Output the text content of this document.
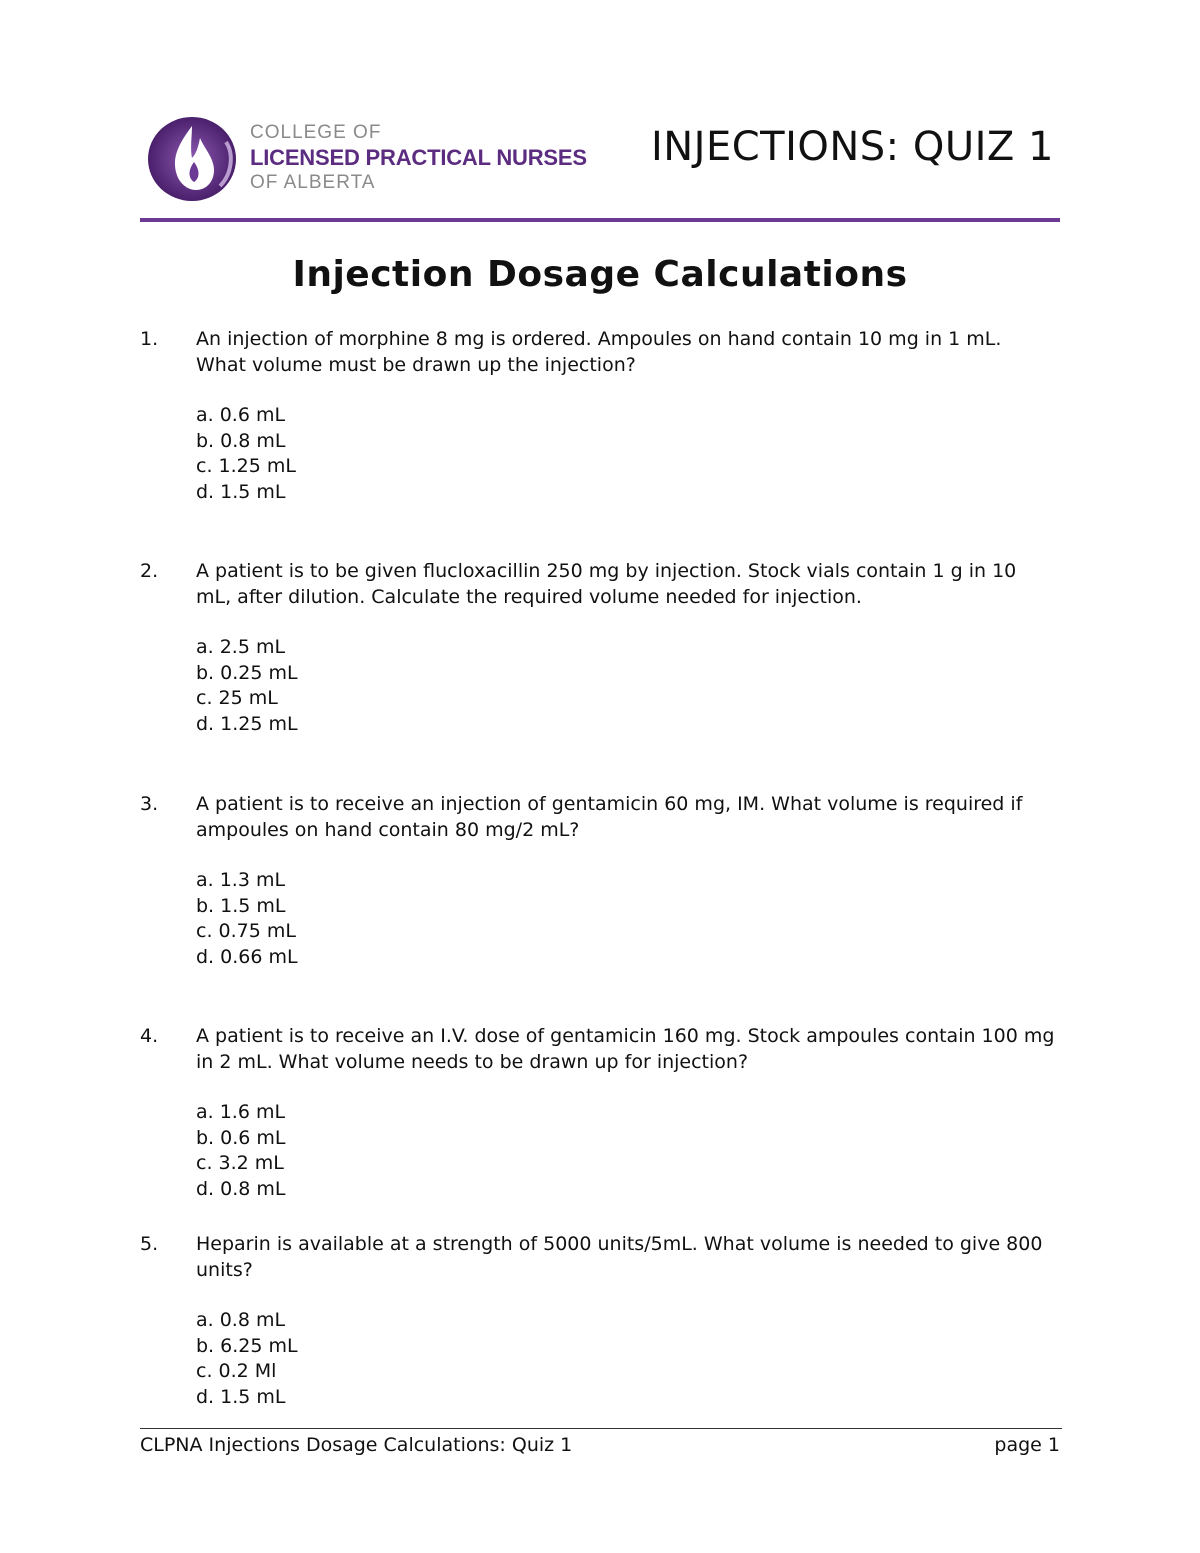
COLLEGE OF
LICENSED PRACTICAL NURSES
OF ALBERTA
INJECTIONS: QUIZ 1
Injection Dosage Calculations
1.	An injection of morphine 8 mg is ordered. Ampoules on hand contain 10 mg in 1 mL. What volume must be drawn up the injection?
a. 0.6 mL
b. 0.8 mL
c. 1.25 mL
d. 1.5 mL
2.	A patient is to be given flucloxacillin 250 mg by injection. Stock vials contain 1 g in 10 mL, after dilution. Calculate the required volume needed for injection.
a. 2.5 mL
b. 0.25 mL
c. 25 mL
d. 1.25 mL
3.	A patient is to receive an injection of gentamicin 60 mg, IM. What volume is required if ampoules on hand contain 80 mg/2 mL?
a. 1.3 mL
b. 1.5 mL
c. 0.75 mL
d. 0.66 mL
4.	A patient is to receive an I.V. dose of gentamicin 160 mg. Stock ampoules contain 100 mg in 2 mL. What volume needs to be drawn up for injection?
a. 1.6 mL
b. 0.6 mL
c. 3.2 mL
d. 0.8 mL
5.	Heparin is available at a strength of 5000 units/5mL. What volume is needed to give 800 units?
a. 0.8 mL
b. 6.25 mL
c. 0.2 Ml
d. 1.5 mL
CLPNA Injections Dosage Calculations: Quiz 1	page 1
